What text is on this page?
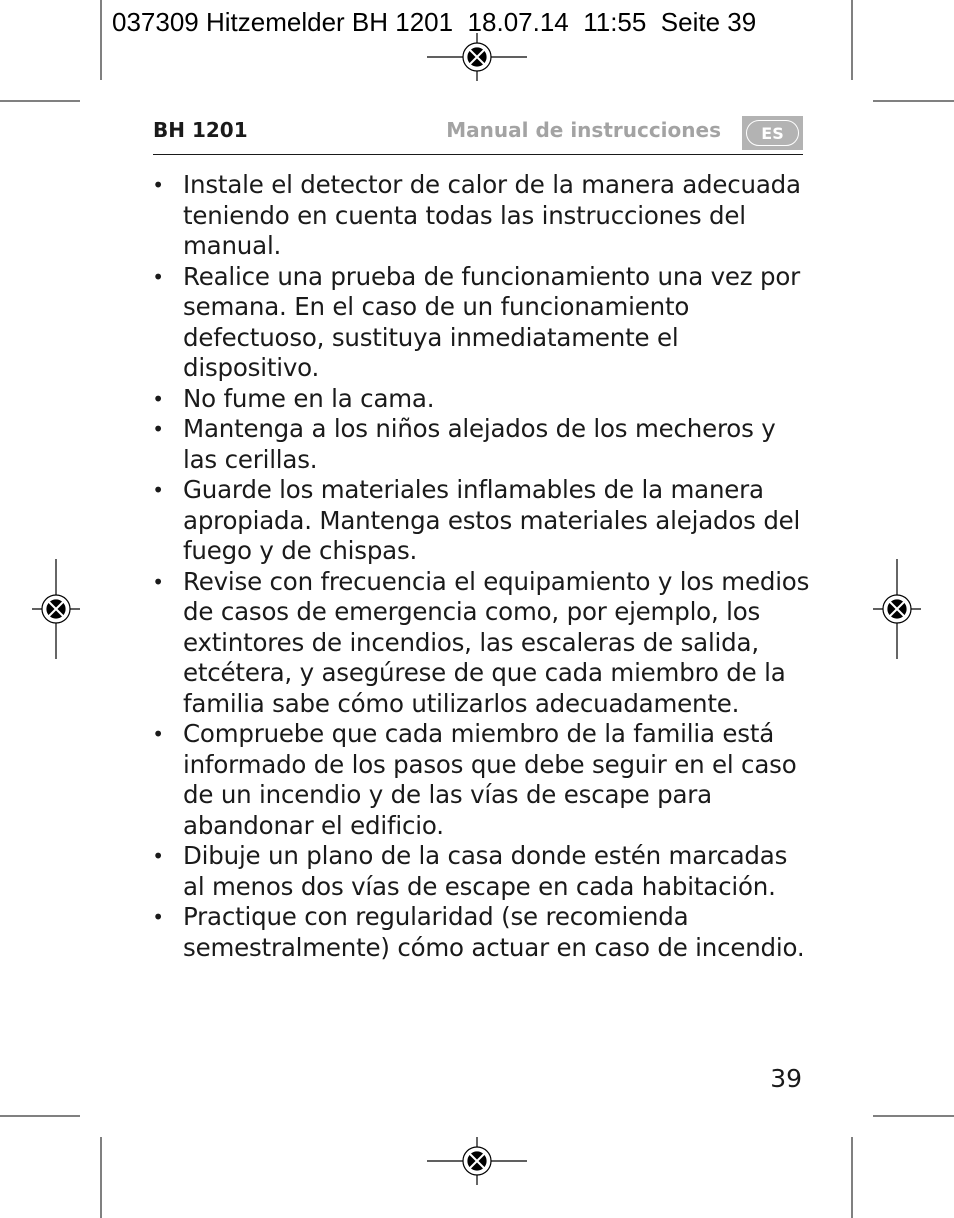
037309 Hitzemelder BH 1201  18.07.14  11:55  Seite 39
BH 1201	Manual de instrucciones	ES
• Instale el detector de calor de la manera adecuada teniendo en cuenta todas las instrucciones del manual.
• Realice una prueba de funcionamiento una vez por semana. En el caso de un funcionamiento defectuoso, sustituya inmediatamente el dispositivo.
• No fume en la cama.
• Mantenga a los niños alejados de los mecheros y las cerillas.
• Guarde los materiales inflamables de la manera apropiada. Mantenga estos materiales alejados del fuego y de chispas.
• Revise con frecuencia el equipamiento y los medios de casos de emergencia como, por ejemplo, los extintores de incendios, las escaleras de salida, etcétera, y asegúrese de que cada miembro de la familia sabe cómo utilizarlos adecuadamente.
• Compruebe que cada miembro de la familia está informado de los pasos que debe seguir en el caso de un incendio y de las vías de escape para abandonar el edificio.
• Dibuje un plano de la casa donde estén marcadas al menos dos vías de escape en cada habitación.
• Practique con regularidad (se recomienda semestralmente) cómo actuar en caso de incendio.
39
